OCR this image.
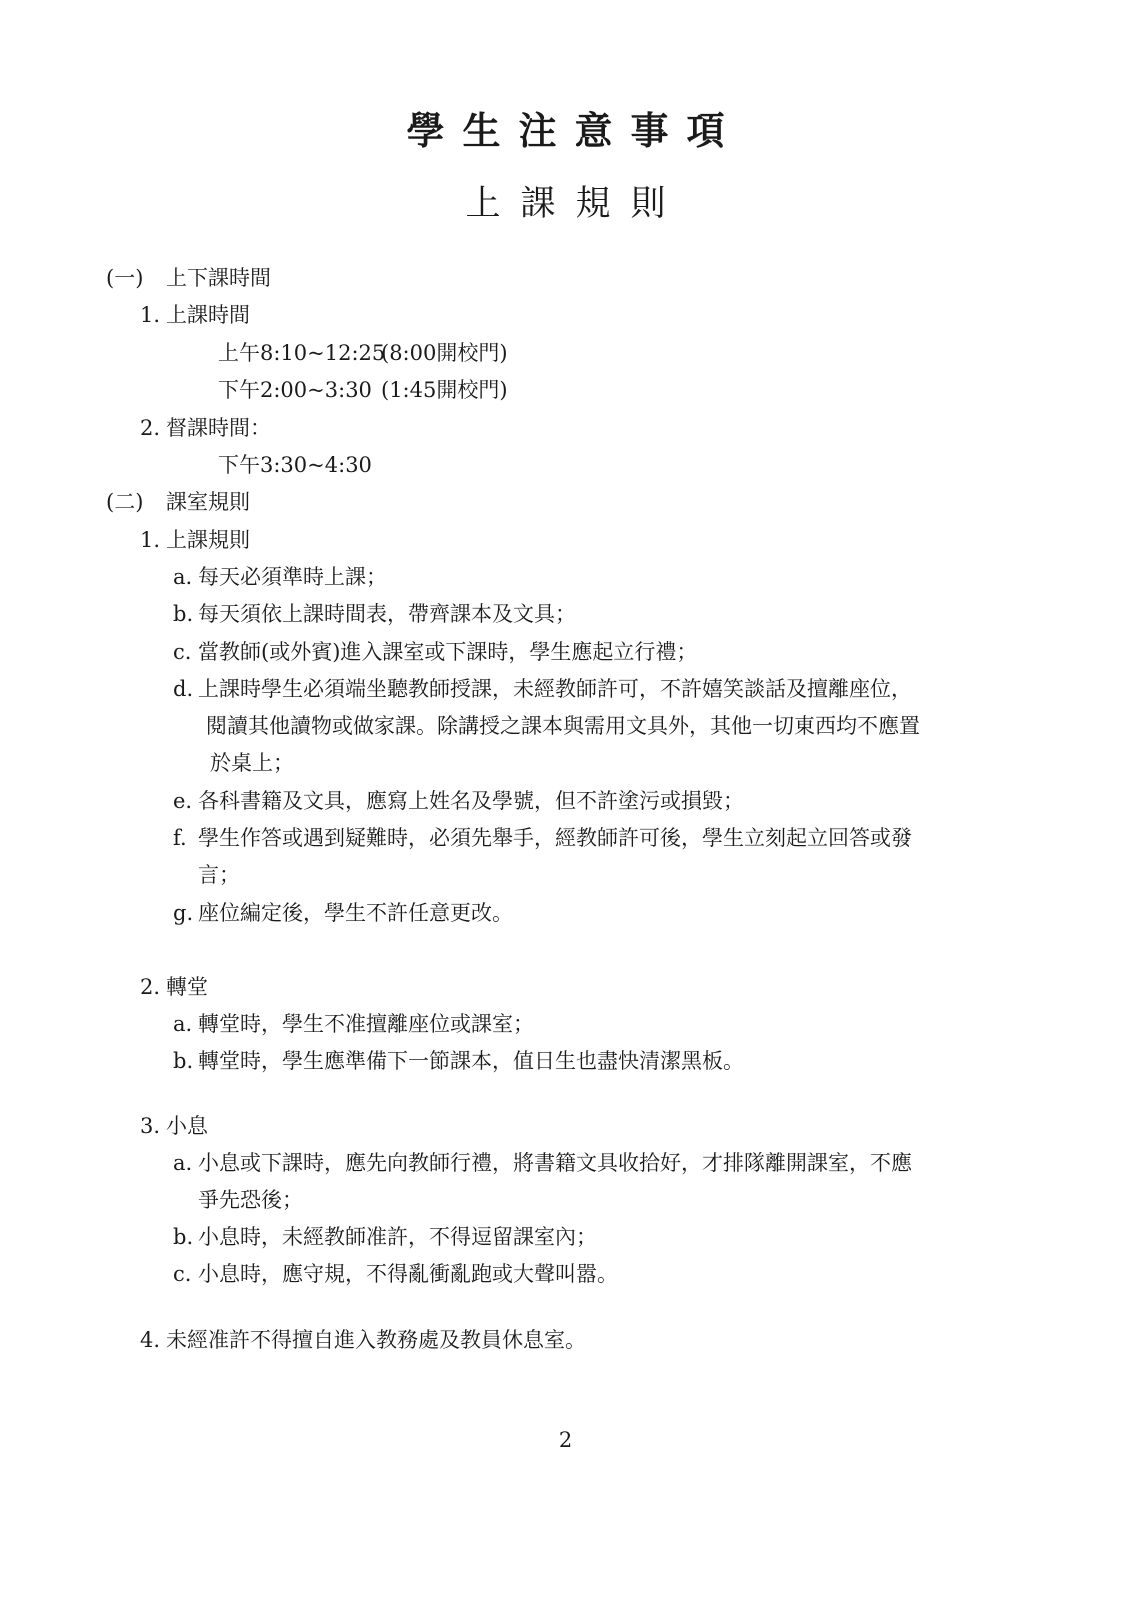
學生注意事項
上課規則
(一) 上下課時間
1. 上課時間
上午8:10~12:25
(8:00開校門)
下午2:00~3:30 (1:45開校門)
2. 督課時間：
下午3:30~4:30
(二) 課室規則
1. 上課規則
a. 每天必須準時上課；
b. 每天須依上課時間表，帶齊課本及文具；
c. 當教師(或外賓)進入課室或下課時，學生應起立行禮；
d. 上課時學生必須端坐聽教師授課，未經教師許可，不許嬉笑談話及擅離座位，
閱讀其他讀物或做家課。除講授之課本與需用文具外，其他一切東西均不應置
於桌上；
e. 各科書籍及文具，應寫上姓名及學號，但不許塗污或損毀；
f. 學生作答或遇到疑難時，必須先舉手，經教師許可後，學生立刻起立回答或發
言；
g. 座位編定後，學生不許任意更改。
2. 轉堂
a. 轉堂時，學生不准擅離座位或課室；
b. 轉堂時，學生應準備下一節課本，值日生也盡快清潔黑板。
3. 小息
a. 小息或下課時，應先向教師行禮，將書籍文具收拾好，才排隊離開課室，不應
爭先恐後；
b. 小息時，未經教師准許，不得逗留課室內；
c. 小息時，應守規，不得亂衝亂跑或大聲叫嚣。
4. 未經准許不得擅自進入教務處及教員休息室。
2
